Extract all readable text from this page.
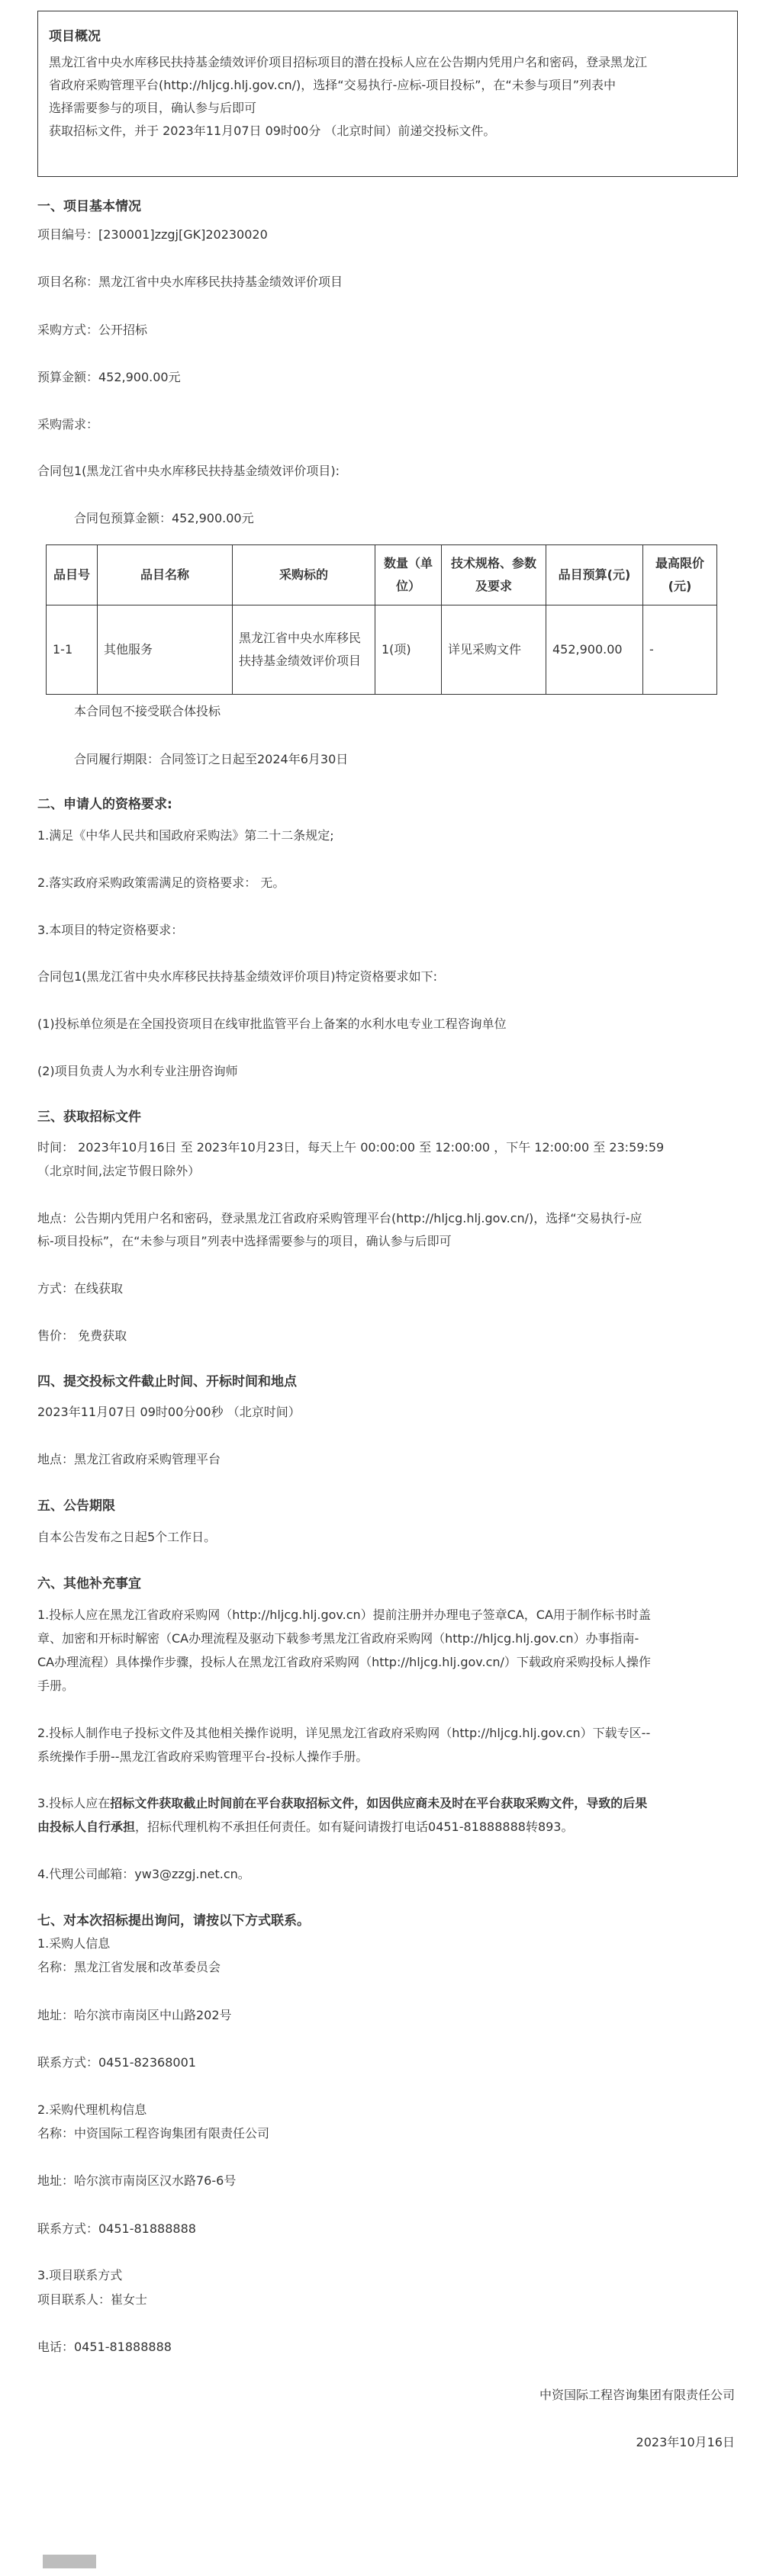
项目概况
黑龙江省中央水库移民扶持基金绩效评价项目招标项目的潜在投标人应在公告期内凭用户名和密码，登录黑龙江
省政府采购管理平台(http://hljcg.hlj.gov.cn/)，选择“交易执行-应标-项目投标”，在“未参与项目”列表中
选择需要参与的项目，确认参与后即可
获取招标文件，并于 2023年11月07日 09时00分 （北京时间）前递交投标文件。
一、项目基本情况
项目编号：[230001]zzgj[GK]20230020
项目名称：黑龙江省中央水库移民扶持基金绩效评价项目
采购方式：公开招标
预算金额：452,900.00元
采购需求：
合同包1(黑龙江省中央水库移民扶持基金绩效评价项目):
合同包预算金额：452,900.00元
品目号	品目名称	采购标的	数量（单位）	技术规格、参数及要求	品目预算(元)	最高限价(元)
1-1	其他服务	黑龙江省中央水库移民扶持基金绩效评价项目	1(项)	详见采购文件	452,900.00	-
本合同包不接受联合体投标
合同履行期限：合同签订之日起至2024年6月30日
二、申请人的资格要求:
1.满足《中华人民共和国政府采购法》第二十二条规定;
2.落实政府采购政策需满足的资格要求： 无。
3.本项目的特定资格要求：
合同包1(黑龙江省中央水库移民扶持基金绩效评价项目)特定资格要求如下:
(1)投标单位须是在全国投资项目在线审批监管平台上备案的水利水电专业工程咨询单位
(2)项目负责人为水利专业注册咨询师
三、获取招标文件
时间： 2023年10月16日 至 2023年10月23日，每天上午 00:00:00 至 12:00:00 ，下午 12:00:00 至 23:59:59
（北京时间,法定节假日除外）
地点：公告期内凭用户名和密码，登录黑龙江省政府采购管理平台(http://hljcg.hlj.gov.cn/)，选择“交易执行-应
标-项目投标”，在“未参与项目”列表中选择需要参与的项目，确认参与后即可
方式：在线获取
售价： 免费获取
四、提交投标文件截止时间、开标时间和地点
2023年11月07日 09时00分00秒 （北京时间）
地点：黑龙江省政府采购管理平台
五、公告期限
自本公告发布之日起5个工作日。
六、其他补充事宜
1.投标人应在黑龙江省政府采购网（http://hljcg.hlj.gov.cn）提前注册并办理电子签章CA，CA用于制作标书时盖
章、加密和开标时解密（CA办理流程及驱动下载参考黑龙江省政府采购网（http://hljcg.hlj.gov.cn）办事指南-
CA办理流程）具体操作步骤，投标人在黑龙江省政府采购网（http://hljcg.hlj.gov.cn/）下载政府采购投标人操作
手册。
2.投标人制作电子投标文件及其他相关操作说明，详见黑龙江省政府采购网（http://hljcg.hlj.gov.cn）下载专区--
系统操作手册--黑龙江省政府采购管理平台-投标人操作手册。
3.投标人应在招标文件获取截止时间前在平台获取招标文件，如因供应商未及时在平台获取采购文件，导致的后果
由投标人自行承担，招标代理机构不承担任何责任。如有疑问请拨打电话0451-81888888转893。
4.代理公司邮箱：yw3@zzgj.net.cn。
七、对本次招标提出询问，请按以下方式联系。
1.采购人信息
名称：黑龙江省发展和改革委员会
地址：哈尔滨市南岗区中山路202号
联系方式：0451-82368001
2.采购代理机构信息
名称：中资国际工程咨询集团有限责任公司
地址：哈尔滨市南岗区汉水路76-6号
联系方式：0451-81888888
3.项目联系方式
项目联系人：崔女士
电话：0451-81888888
中资国际工程咨询集团有限责任公司
2023年10月16日
